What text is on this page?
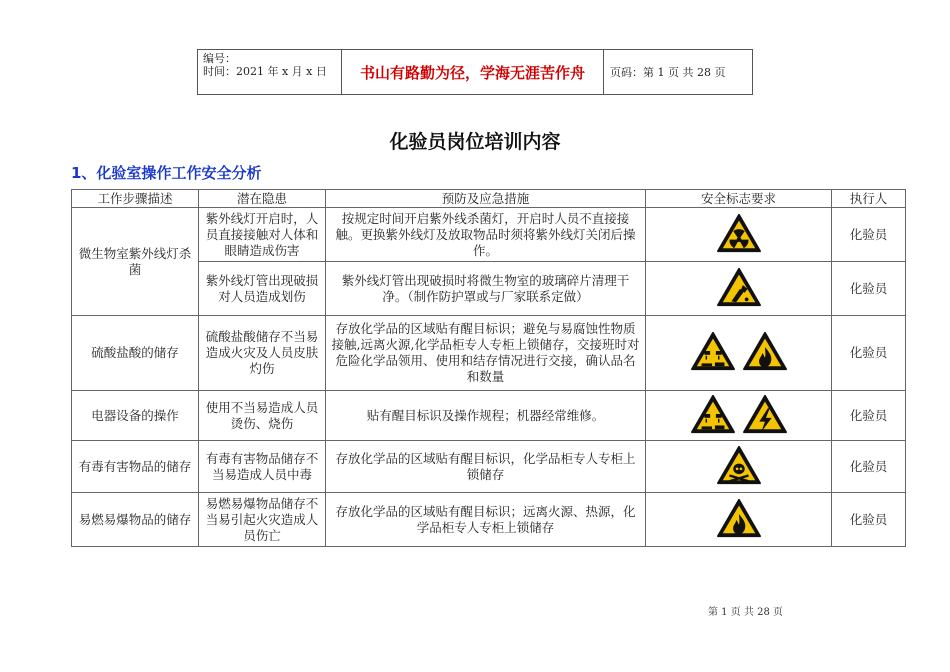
编号：
时间：2021 年 x 月 x 日	书山有路勤为径，学海无涯苦作舟	页码：第 1 页 共 28 页
化验员岗位培训内容
1、化验室操作工作安全分析
工作步骤描述	潜在隐患	预防及应急措施	安全标志要求	执行人
微生物室紫外线灯杀菌	紫外线灯开启时，人员直接接触对人体和眼睛造成伤害	按规定时间开启紫外线杀菌灯，开启时人员不直接接触。更换紫外线灯及放取物品时须将紫外线灯关闭后操作。		化验员
	紫外线灯管出现破损对人员造成划伤	紫外线灯管出现破损时将微生物室的玻璃碎片清理干净。（制作防护罩或与厂家联系定做）		化验员
硫酸盐酸的储存	硫酸盐酸储存不当易造成火灾及人员皮肤灼伤	存放化学品的区域贴有醒目标识；避免与易腐蚀性物质接触,远离火源,化学品柜专人专柜上锁储存，交接班时对危险化学品领用、使用和结存情况进行交接，确认品名和数量		化验员
电器设备的操作	使用不当易造成人员烫伤、烧伤	贴有醒目标识及操作规程；机器经常维修。		化验员
有毒有害物品的储存	有毒有害物品储存不当易造成人员中毒	存放化学品的区域贴有醒目标识，化学品柜专人专柜上锁储存		化验员
易燃易爆物品的储存	易燃易爆物品储存不当易引起火灾造成人员伤亡	存放化学品的区域贴有醒目标识；远离火源、热源，化学品柜专人专柜上锁储存		化验员
第 1 页 共 28 页
